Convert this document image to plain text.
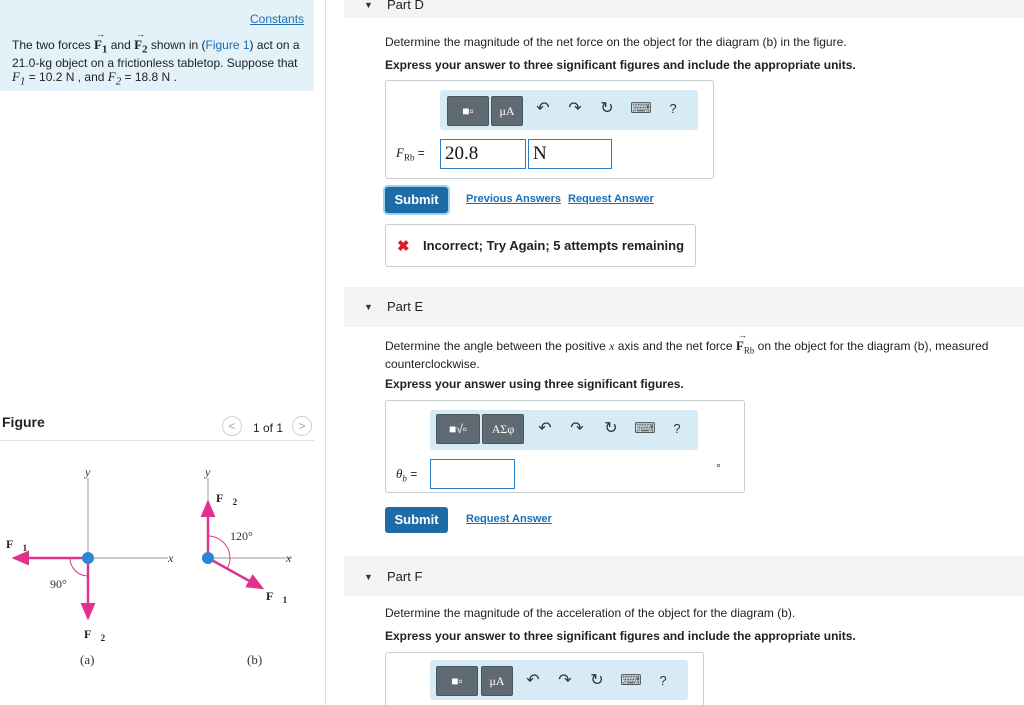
Constants
The two forces → $F_1$ and → $F_2$ shown in (Figure 1) act on a 21.0-kg object on a frictionless tabletop. Suppose that $F_1 = 10.2$ N , and $F_2 = 18.8$ N .
Figure	<	1 of 1	>
y
x
$F⃗_1$
$F⃗_2$
90°
(a)
y
x
$F⃗_2$
$F⃗_1$
120°
(b)
▼ Part D
Determine the magnitude of the net force on the object for the diagram (b) in the figure.
Express your answer to three significant figures and include the appropriate units.
■▫	μA	↶ ↷ ↻ ⌨	?
$F_{Rb} = 20.8$	N
Submit	Previous Answers Request Answer
✖ Incorrect; Try Again; 5 attempts remaining
▼ Part E
Determine the angle between the positive x axis and the net force → $F_{Rb}$ on the object for the diagram (b), measured counterclockwise.
Express your answer using three significant figures.
■√▫	ΑΣφ	↶ ↷ ↻ ⌨	?
$\theta_b$ =	°
Submit	Request Answer
▼ Part F
Determine the magnitude of the acceleration of the object for the diagram (b).
Express your answer to three significant figures and include the appropriate units.
■▫	μA	↶ ↷ ↻ ⌨	?
